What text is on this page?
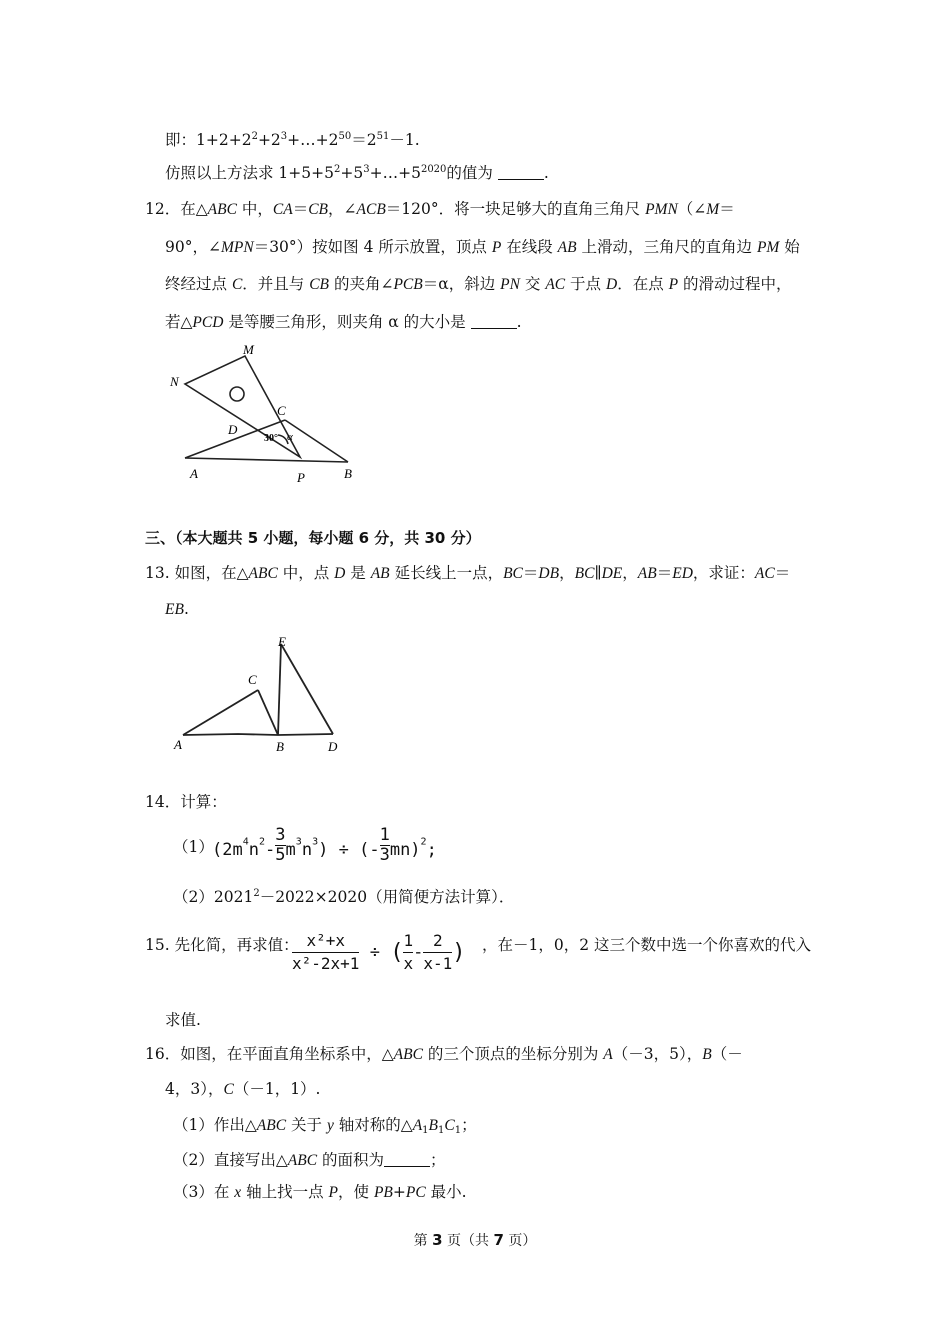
即：$1+2+2^2+2^3+\dots+2^{50}=2^{51}-1$.
仿照以上方法求 $1+5+5^2+5^3+\dots+5^{2020}$的值为	.
12．在△ABC 中，CA＝CB，∠ACB＝120°．将一块足够大的直角三角尺 PMN（∠M＝
90°，∠MPN＝30°）按如图 4 所示放置，顶点 P 在线段 AB 上滑动，三角尺的直角边 PM 始
终经过点 C．并且与 CB 的夹角∠PCB＝α，斜边 PN 交 AC 于点 D．在点 P 的滑动过程中，
若△PCD 是等腰三角形，则夹角 α 的大小是	.
M
N
C
D
A	P	B
30° α
三、（本大题共 5 小题，每小题 6 分，共 30 分）
13. 如图，在△ABC 中，点 D 是 AB 延长线上一点，BC＝DB，BC∥DE，AB＝ED，求证：AC＝
EB.
E
C
A	B	D
14．计算：
（1）
$(2m^4n^2- \frac{3}{5} m^3n^3)$ ÷ (- $\frac{1}{3} mn)^2$;
$(2)2021^2-2022\times 2020$（用简便方法计算）．
15. 先化简，再求值：
$\frac{\text{x²+x}}{\text{x²-2x+1}}$ ÷ ( $\frac{1}{x} - \frac{2}{x-1}$ ) ，在－1，0，2 这三个数中选一个你喜欢的代入
求值.
16．如图，在平面直角坐标系中，△ABC 的三个顶点的坐标分别为 A（－3，5），B（－
4，3），C（－1，1）.
（1）作出△ABC 关于 y 轴对称的$\triangle A_1B_1C_1$；
（2）直接写出△ABC 的面积为	；
（3）在 x 轴上找一点 P，使 PB+PC 最小.
第 3 页（共 7 页）
